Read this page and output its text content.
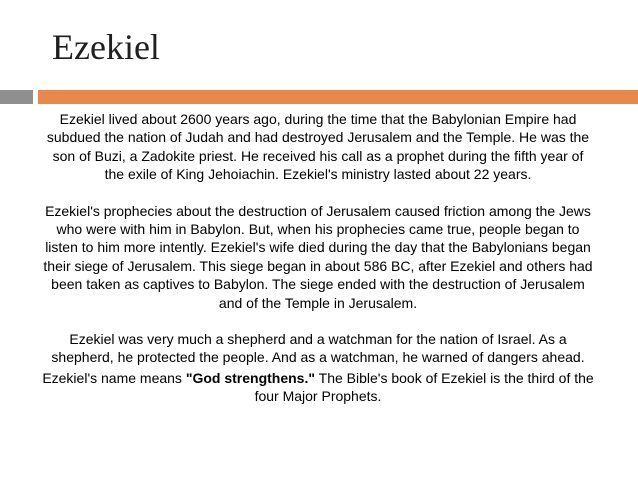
Ezekiel

Ezekiel lived about 2600 years ago, during the time that the Babylonian Empire had subdued the nation of Judah and had destroyed Jerusalem and the Temple. He was the son of Buzi, a Zadokite priest. He received his call as a prophet during the fifth year of the exile of King Jehoiachin. Ezekiel's ministry lasted about 22 years.

Ezekiel's prophecies about the destruction of Jerusalem caused friction among the Jews who were with him in Babylon. But, when his prophecies came true, people began to listen to him more intently. Ezekiel's wife died during the day that the Babylonians began their siege of Jerusalem. This siege began in about 586 BC, after Ezekiel and others had been taken as captives to Babylon. The siege ended with the destruction of Jerusalem and of the Temple in Jerusalem.

Ezekiel was very much a shepherd and a watchman for the nation of Israel. As a shepherd, he protected the people. And as a watchman, he warned of dangers ahead.

Ezekiel's name means "God strengthens." The Bible's book of Ezekiel is the third of the four Major Prophets.
